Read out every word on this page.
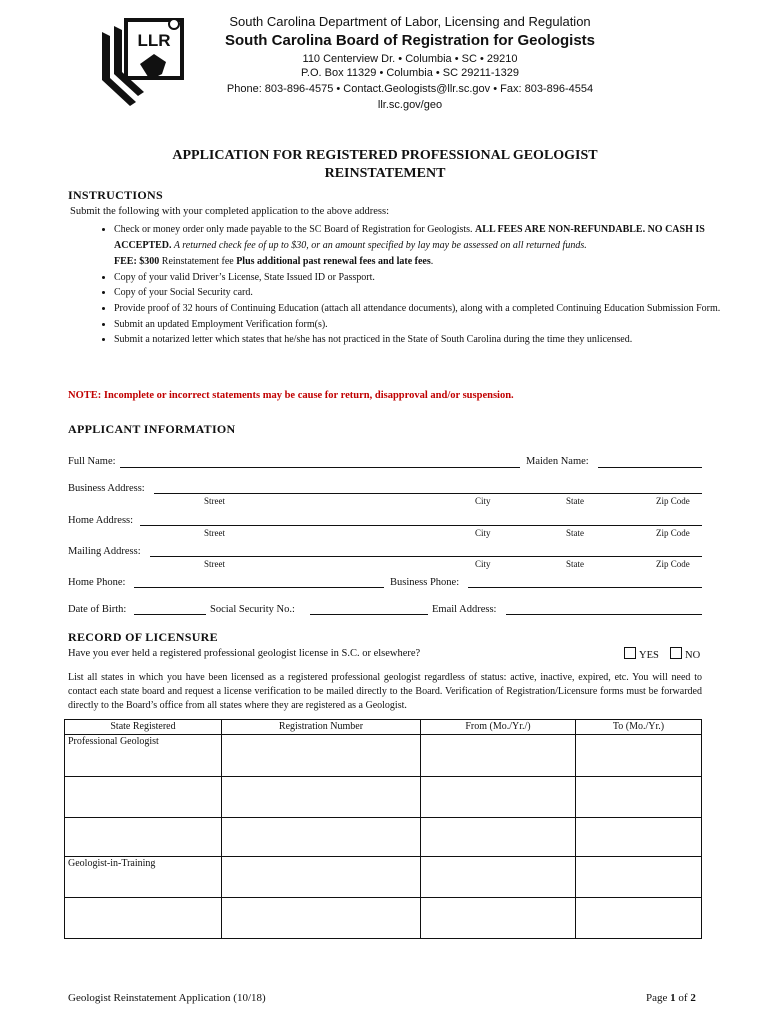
LLR
South Carolina Department of Labor, Licensing and Regulation
South Carolina Board of Registration for Geologists
110 Centerview Dr. • Columbia • SC • 29210
P.O. Box 11329 • Columbia • SC 29211-1329
Phone: 803-896-4575 • Contact.Geologists@llr.sc.gov • Fax: 803-896-4554
llr.sc.gov/geo
APPLICATION FOR REGISTERED PROFESSIONAL GEOLOGIST
REINSTATEMENT
INSTRUCTIONS
Submit the following with your completed application to the above address:
• Check or money order only made payable to the SC Board of Registration for Geologists. ALL FEES ARE NON-REFUNDABLE. NO CASH IS ACCEPTED. A returned check fee of up to $30, or an amount specified by lay may be assessed on all returned funds.
FEE: $300 Reinstatement fee Plus additional past renewal fees and late fees.
• Copy of your valid Driver’s License, State Issued ID or Passport.
• Copy of your Social Security card.
• Provide proof of 32 hours of Continuing Education (attach all attendance documents), along with a completed Continuing Education Submission Form.
• Submit an updated Employment Verification form(s).
• Submit a notarized letter which states that he/she has not practiced in the State of South Carolina during the time they unlicensed.
NOTE: Incomplete or incorrect statements may be cause for return, disapproval and/or suspension.
APPLICANT INFORMATION
Full Name:	Maiden Name:
Business Address:
Street	City	State	Zip Code
Home Address:
Street	City	State	Zip Code
Mailing Address:
Street	City	State	Zip Code
Home Phone:	Business Phone:
Date of Birth:	Social Security No.:	Email Address:
RECORD OF LICENSURE
Have you ever held a registered professional geologist license in S.C. or elsewhere?	YES	NO
List all states in which you have been licensed as a registered professional geologist regardless of status: active, inactive, expired, etc. You will need to contact each state board and request a license verification to be mailed directly to the Board. Verification of Registration/Licensure forms must be forwarded directly to the Board’s office from all states where they are registered as a Geologist.
State Registered	Registration Number	From (Mo./Yr./)	To (Mo./Yr.)
Professional Geologist			

Geologist-in-Training			

Geologist Reinstatement Application (10/18)	Page 1 of 2
